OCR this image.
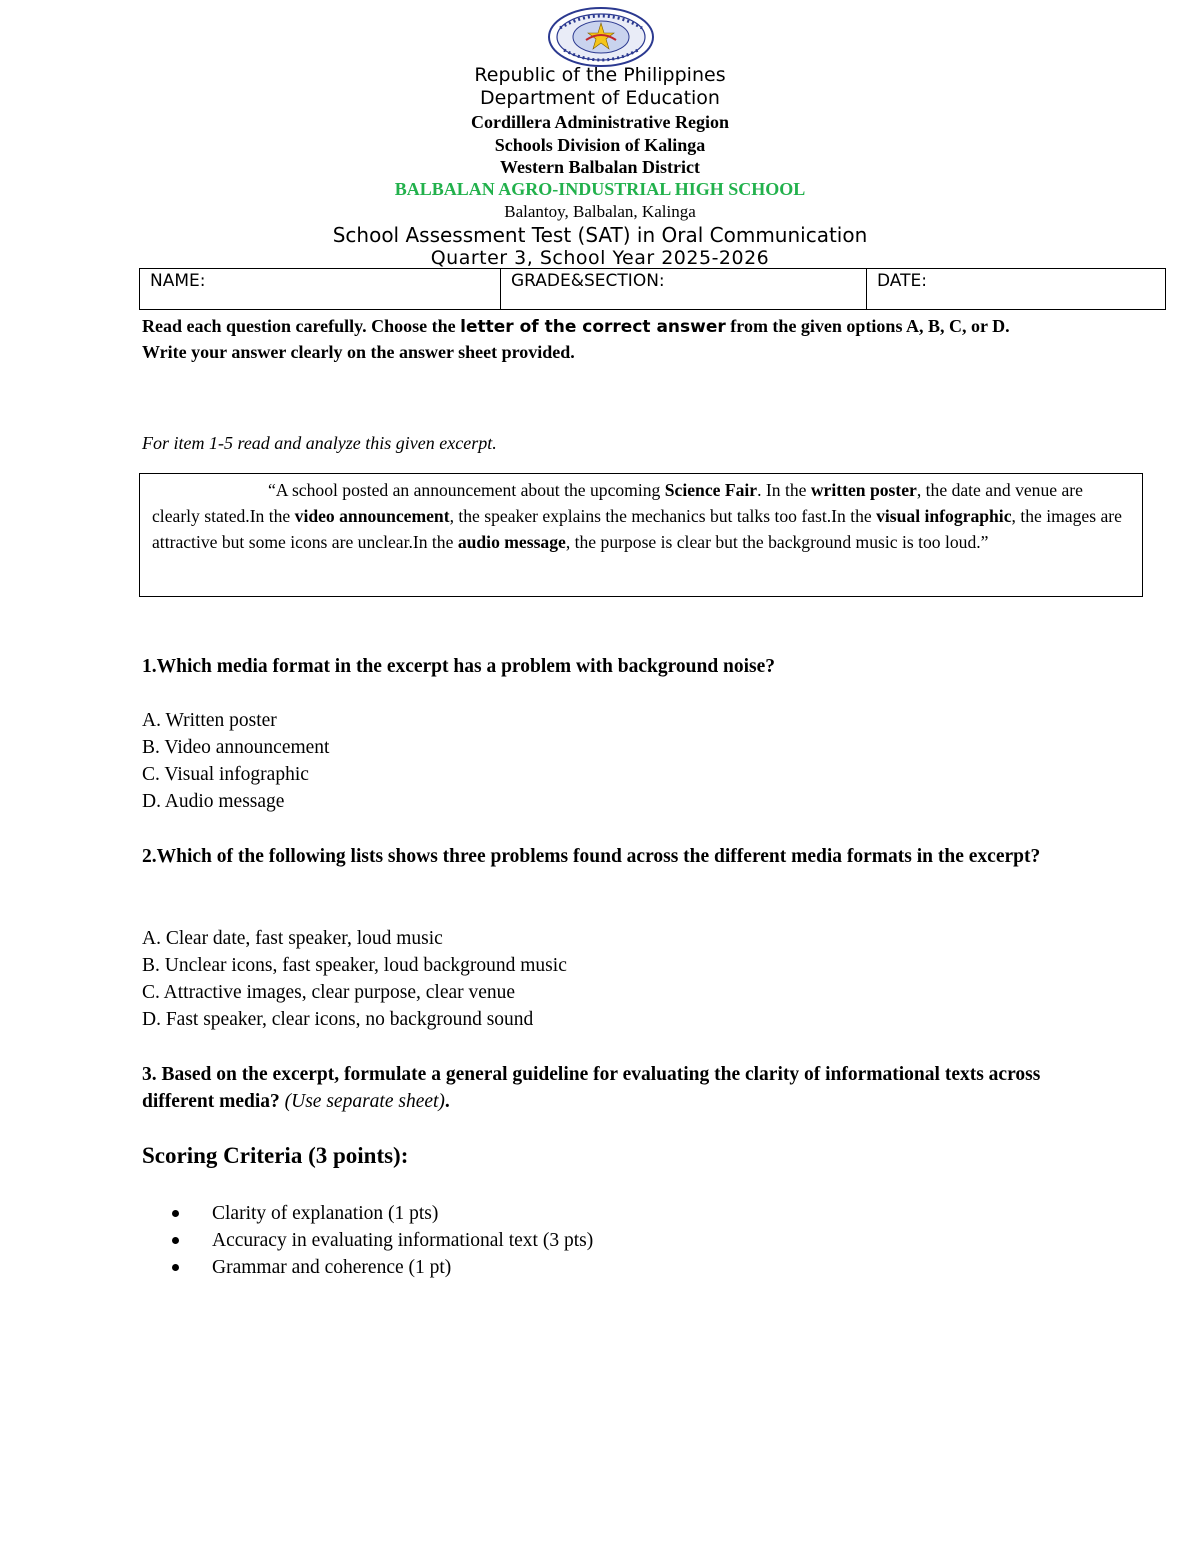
Republic of the Philippines
Department of Education
Cordillera Administrative Region
Schools Division of Kalinga
Western Balbalan District
BALBALAN AGRO-INDUSTRIAL HIGH SCHOOL
Balantoy, Balbalan, Kalinga
School Assessment Test (SAT) in Oral Communication
Quarter 3, School Year 2025-2026
NAME:	GRADE&SECTION:	DATE:

Read each question carefully. Choose the letter of the correct answer from the given options A, B, C, or D.

Write your answer clearly on the answer sheet provided.

For item 1-5 read and analyze this given excerpt.
“A school posted an announcement about the upcoming Science Fair. In the written poster, the date and venue are clearly stated.In the video announcement, the speaker explains the mechanics but talks too fast.In the visual infographic, the images are attractive but some icons are unclear.In the audio message, the purpose is clear but the background music is too loud.”
1.Which media format in the excerpt has a problem with background noise?
A. Written poster
B. Video announcement
C. Visual infographic
D. Audio message
2.Which of the following lists shows three problems found across the different media formats in the excerpt?
A. Clear date, fast speaker, loud music
B. Unclear icons, fast speaker, loud background music
C. Attractive images, clear purpose, clear venue
D. Fast speaker, clear icons, no background sound
3. Based on the excerpt, formulate a general guideline for evaluating the clarity of informational texts across different media? (Use separate sheet).
Scoring Criteria (3 points):
Clarity of explanation (1 pts)
Accuracy in evaluating informational text (3 pts)
Grammar and coherence (1 pt)
